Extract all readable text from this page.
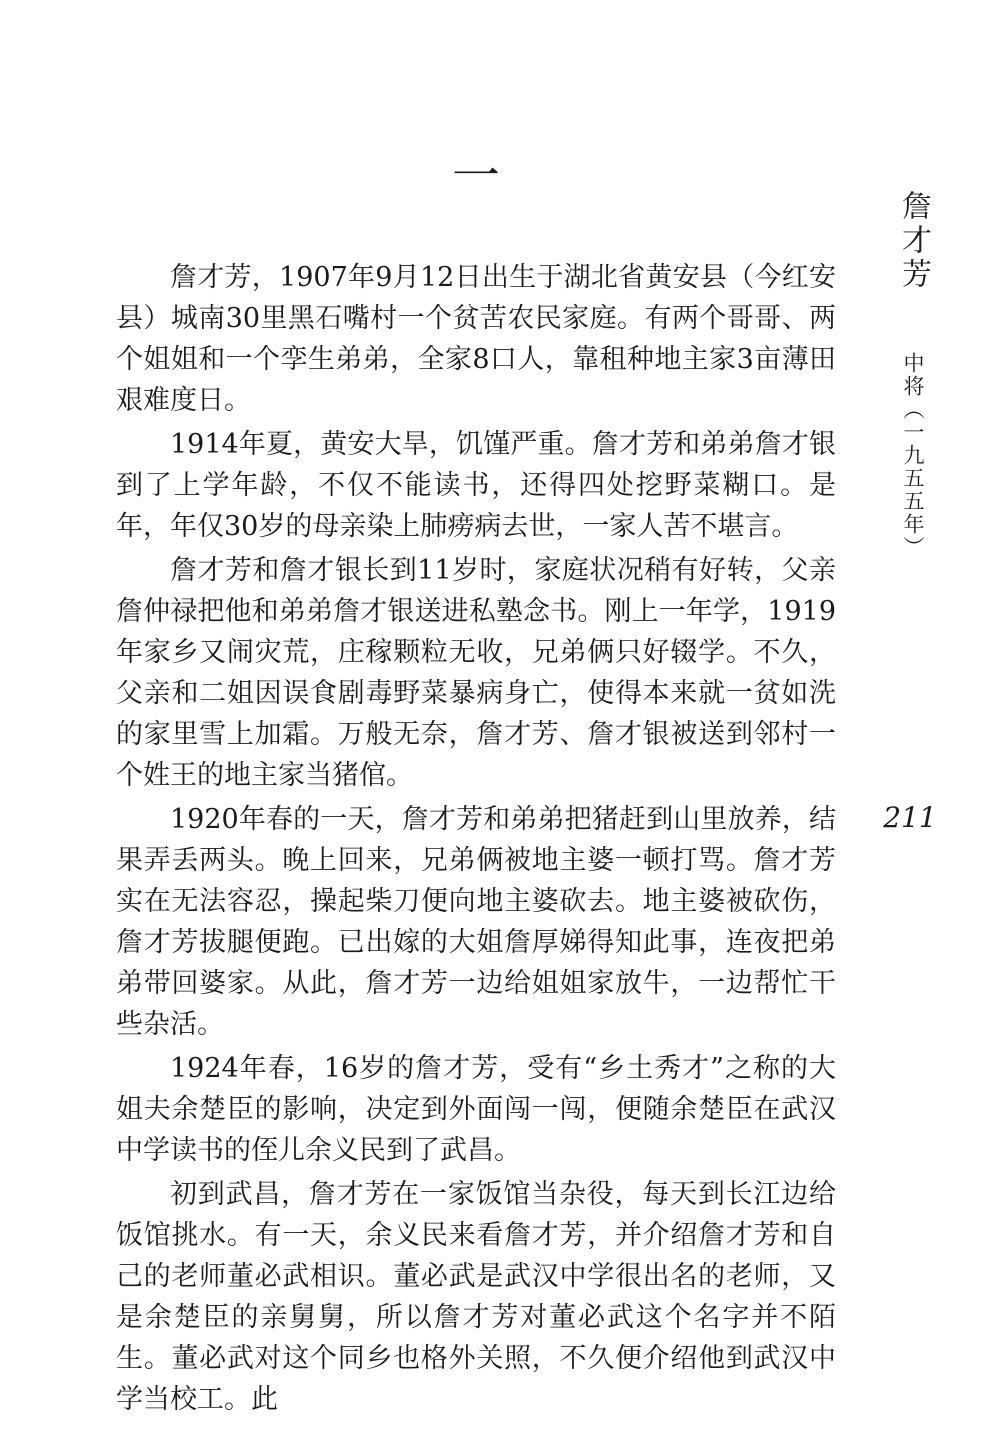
一

詹才芳，1907年9月12日出生于湖北省黄安县（今红安县）城南30里黑石嘴村一个贫苦农民家庭。有两个哥哥、两个姐姐和一个孪生弟弟，全家8口人，靠租种地主家3亩薄田艰难度日。

1914年夏，黄安大旱，饥馑严重。詹才芳和弟弟詹才银到了上学年龄，不仅不能读书，还得四处挖野菜糊口。是年，年仅30岁的母亲染上肺痨病去世，一家人苦不堪言。

詹才芳和詹才银长到11岁时，家庭状况稍有好转，父亲詹仲禄把他和弟弟詹才银送进私塾念书。刚上一年学，1919年家乡又闹灾荒，庄稼颗粒无收，兄弟俩只好辍学。不久，父亲和二姐因误食剧毒野菜暴病身亡，使得本来就一贫如洗的家里雪上加霜。万般无奈，詹才芳、詹才银被送到邻村一个姓王的地主家当猪倌。

1920年春的一天，詹才芳和弟弟把猪赶到山里放养，结果弄丢两头。晚上回来，兄弟俩被地主婆一顿打骂。詹才芳实在无法容忍，操起柴刀便向地主婆砍去。地主婆被砍伤，詹才芳拔腿便跑。已出嫁的大姐詹厚娣得知此事，连夜把弟弟带回婆家。从此，詹才芳一边给姐姐家放牛，一边帮忙干些杂活。

1924年春，16岁的詹才芳，受有“乡土秀才”之称的大姐夫余楚臣的影响，决定到外面闯一闯，便随余楚臣在武汉中学读书的侄儿余义民到了武昌。

初到武昌，詹才芳在一家饭馆当杂役，每天到长江边给饭馆挑水。有一天，余义民来看詹才芳，并介绍詹才芳和自己的老师董必武相识。董必武是武汉中学很出名的老师，又是余楚臣的亲舅舅，所以詹才芳对董必武这个名字并不陌生。董必武对这个同乡也格外关照，不久便介绍他到武汉中学当校工。此

詹才芳
中将（一九五五年）
211
